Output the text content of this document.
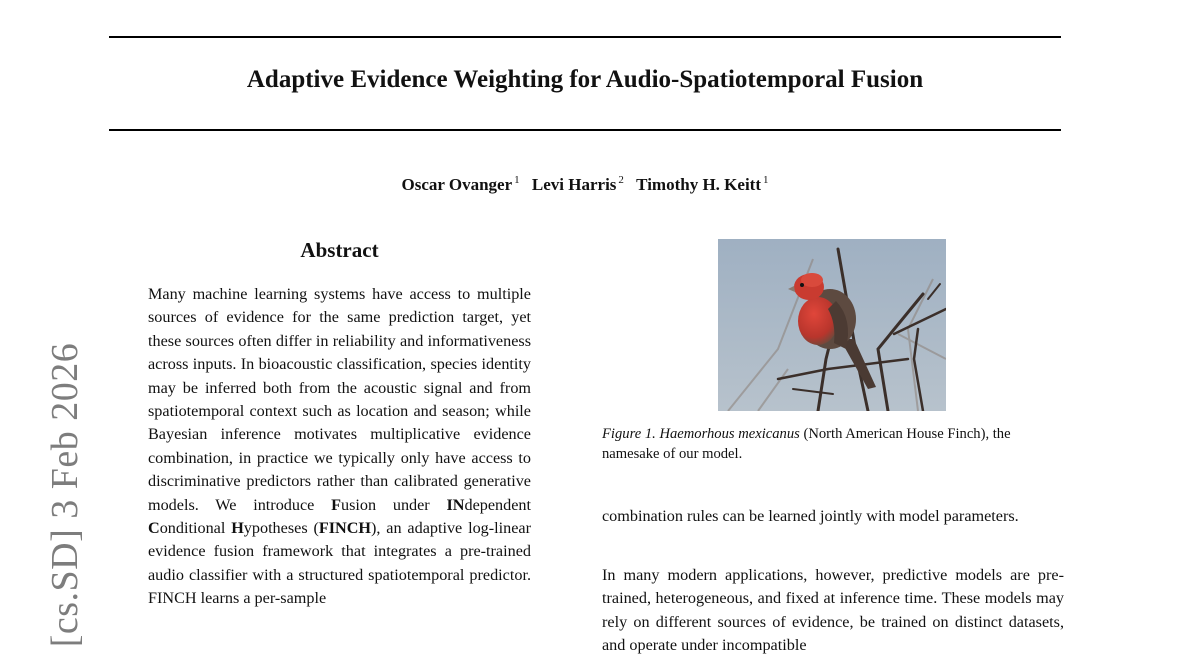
Adaptive Evidence Weighting for Audio-Spatiotemporal Fusion
Oscar Ovanger $^1$ Levi Harris $^2$ Timothy H. Keitt $^1$
[cs.SD] 3 Feb 2026
Abstract

Many machine learning systems have access to multiple sources of evidence for the same prediction target, yet these sources often differ in reliability and informativeness across inputs. In bioacoustic classification, species identity may be inferred both from the acoustic signal and from spatiotemporal context such as location and season; while Bayesian inference motivates multiplicative evidence combination, in practice we typically only have access to discriminative predictors rather than calibrated generative models. We introduce Fusion under INdependent Conditional Hypotheses (FINCH), an adaptive log-linear evidence fusion framework that integrates a pre-trained audio classifier with a structured spatiotemporal predictor. FINCH learns a per-sample

Figure 1. Haemorhous mexicanus (North American House Finch), the namesake of our model.

combination rules can be learned jointly with model parameters.

In many modern applications, however, predictive models are pre-trained, heterogeneous, and fixed at inference time. These models may rely on different sources of evidence, be trained on distinct datasets, and operate under incompatible
